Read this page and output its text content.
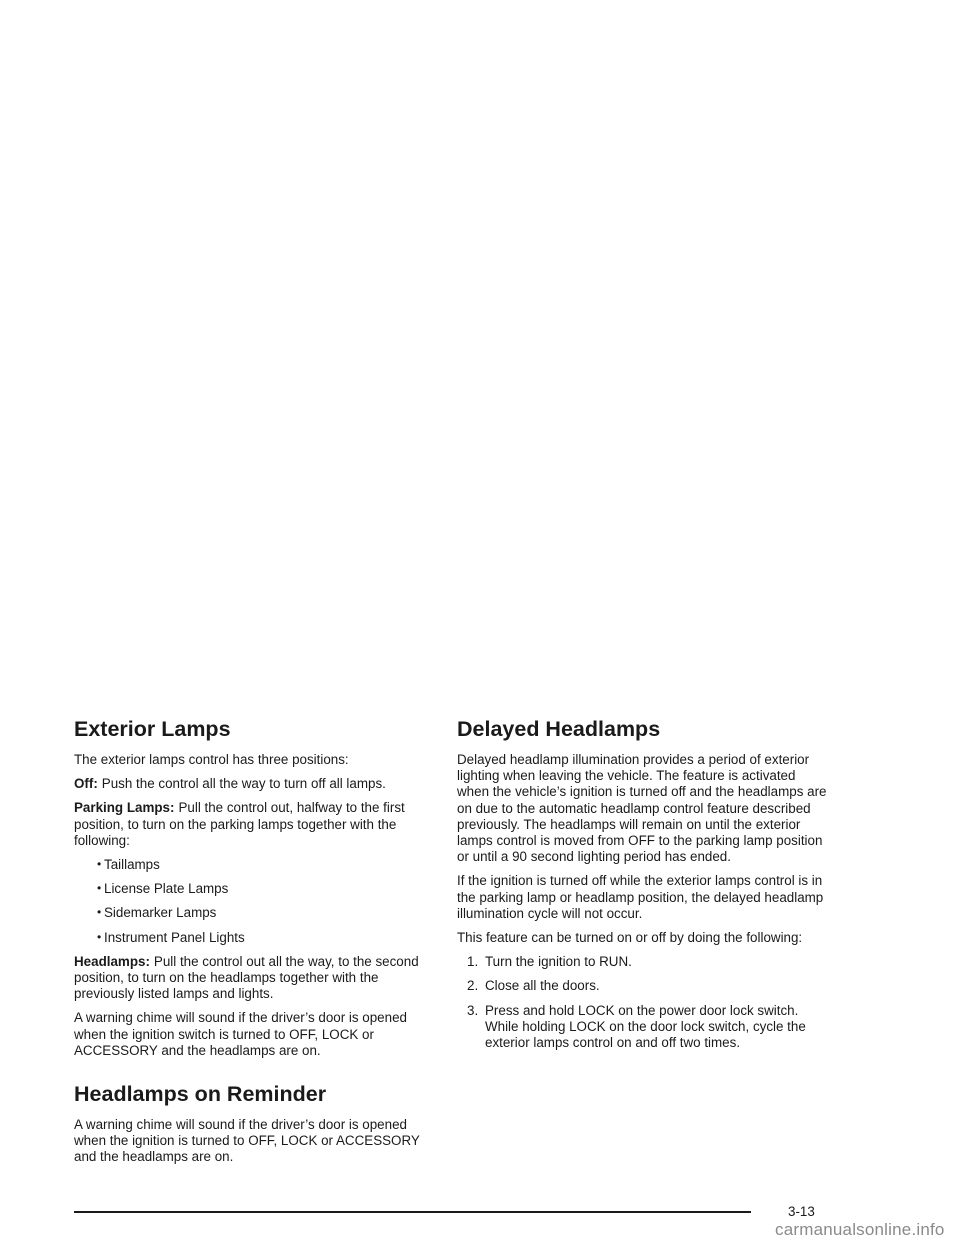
Exterior Lamps

The exterior lamps control has three positions:

Off: Push the control all the way to turn off all lamps.

Parking Lamps: Pull the control out, halfway to the first position, to turn on the parking lamps together with the following:

• Taillamps
• License Plate Lamps
• Sidemarker Lamps
• Instrument Panel Lights

Headlamps: Pull the control out all the way, to the second position, to turn on the headlamps together with the previously listed lamps and lights.

A warning chime will sound if the driver’s door is opened when the ignition switch is turned to OFF, LOCK or ACCESSORY and the headlamps are on.

Headlamps on Reminder

A warning chime will sound if the driver’s door is opened when the ignition is turned to OFF, LOCK or ACCESSORY and the headlamps are on.

Delayed Headlamps

Delayed headlamp illumination provides a period of exterior lighting when leaving the vehicle. The feature is activated when the vehicle’s ignition is turned off and the headlamps are on due to the automatic headlamp control feature described previously. The headlamps will remain on until the exterior lamps control is moved from OFF to the parking lamp position or until a 90 second lighting period has ended.

If the ignition is turned off while the exterior lamps control is in the parking lamp or headlamp position, the delayed headlamp illumination cycle will not occur.

This feature can be turned on or off by doing the following:

1. Turn the ignition to RUN.
2. Close all the doors.
3. Press and hold LOCK on the power door lock switch. While holding LOCK on the door lock switch, cycle the exterior lamps control on and off two times.
3-13
carmanualsonline.info
